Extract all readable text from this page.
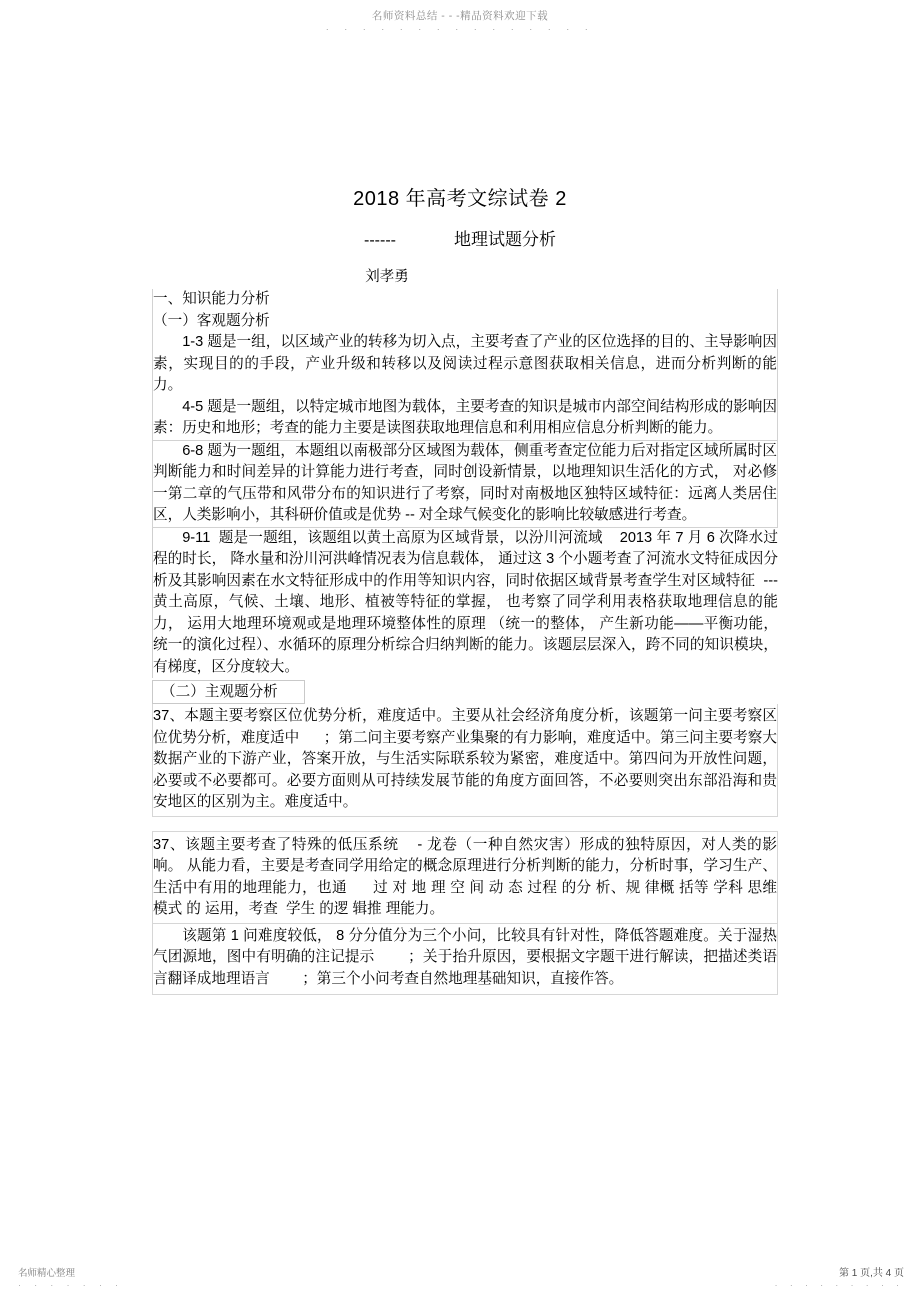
名师资料总结 - - -精品资料欢迎下载
· · · · · · · · · · · · · · ·
2018 年高考文综试卷 2
------	地理试题分析
刘孝勇

一、知识能力分析

（一）客观题分析

1-3 题是一组，以区域产业的转移为切入点，主要考查了产业的区位选择的目的、主导影响因素，实现目的的手段，产业升级和转移以及阅读过程示意图获取相关信息，进而分析判断的能力。

4-5 题是一题组，以特定城市地图为载体，主要考查的知识是城市内部空间结构形成的影响因素：历史和地形；考查的能力主要是读图获取地理信息和利用相应信息分析判断的能力。

6-8 题为一题组，本题组以南极部分区域图为载体，侧重考查定位能力后对指定区域所属时区判断能力和时间差异的计算能力进行考查，同时创设新情景，以地理知识生活化的方式， 对必修一第二章的气压带和风带分布的知识进行了考察，同时对南极地区独特区域特征：远离人类居住区，人类影响小，其科研价值或是优势 -- 对全球气候变化的影响比较敏感进行考查。

9-11  题是一题组，该题组以黄土高原为区域背景，以汾川河流域    2013 年 7 月 6 次降水过程的时长， 降水量和汾川河洪峰情况表为信息载体， 通过这 3 个小题考查了河流水文特征成因分析及其影响因素在水文特征形成中的作用等知识内容，同时依据区域背景考查学生对区域特征  --- 黄土高原，气候、土壤、地形、植被等特征的掌握， 也考察了同学利用表格获取地理信息的能力， 运用大地理环境观或是地理环境整体性的原理 （统一的整体， 产生新功能——平衡功能， 统一的演化过程）、水循环的原理分析综合归纳判断的能力。该题层层深入，跨不同的知识模块，有梯度，区分度较大。

（二）主观题分析

37、本题主要考察区位优势分析，难度适中。主要从社会经济角度分析，该题第一问主要考察区位优势分析，难度适中      ；第二问主要考察产业集聚的有力影响，难度适中。第三问主要考察大数据产业的下游产业，答案开放，与生活实际联系较为紧密，难度适中。第四问为开放性问题，必要或不必要都可。必要方面则从可持续发展节能的角度方面回答，不必要则突出东部沿海和贵安地区的区别为主。难度适中。

37、该题主要考查了特殊的低压系统    - 龙卷（一种自然灾害）形成的独特原因，对人类的影响。 从能力看，主要是考查同学用给定的概念原理进行分析判断的能力，分析时事，学习生产、生活中有用的地理能力，也通      过 对 地 理 空 间 动 态 过程 的分 析、规 律概 括等 学科 思维 模式 的 运用，考查  学生 的逻 辑推 理能力。

该题第 1 问难度较低， 8 分分值分为三个小问，比较具有针对性，降低答题难度。关于湿热气团源地，图中有明确的注记提示        ；关于抬升原因，要根据文字题干进行解读，把描述类语言翻译成地理语言        ；第三个小问考查自然地理基础知识，直接作答。

名师精心整理
· · · · · · ·
第 1 页,共 4 页
· · · · · · · · ·
